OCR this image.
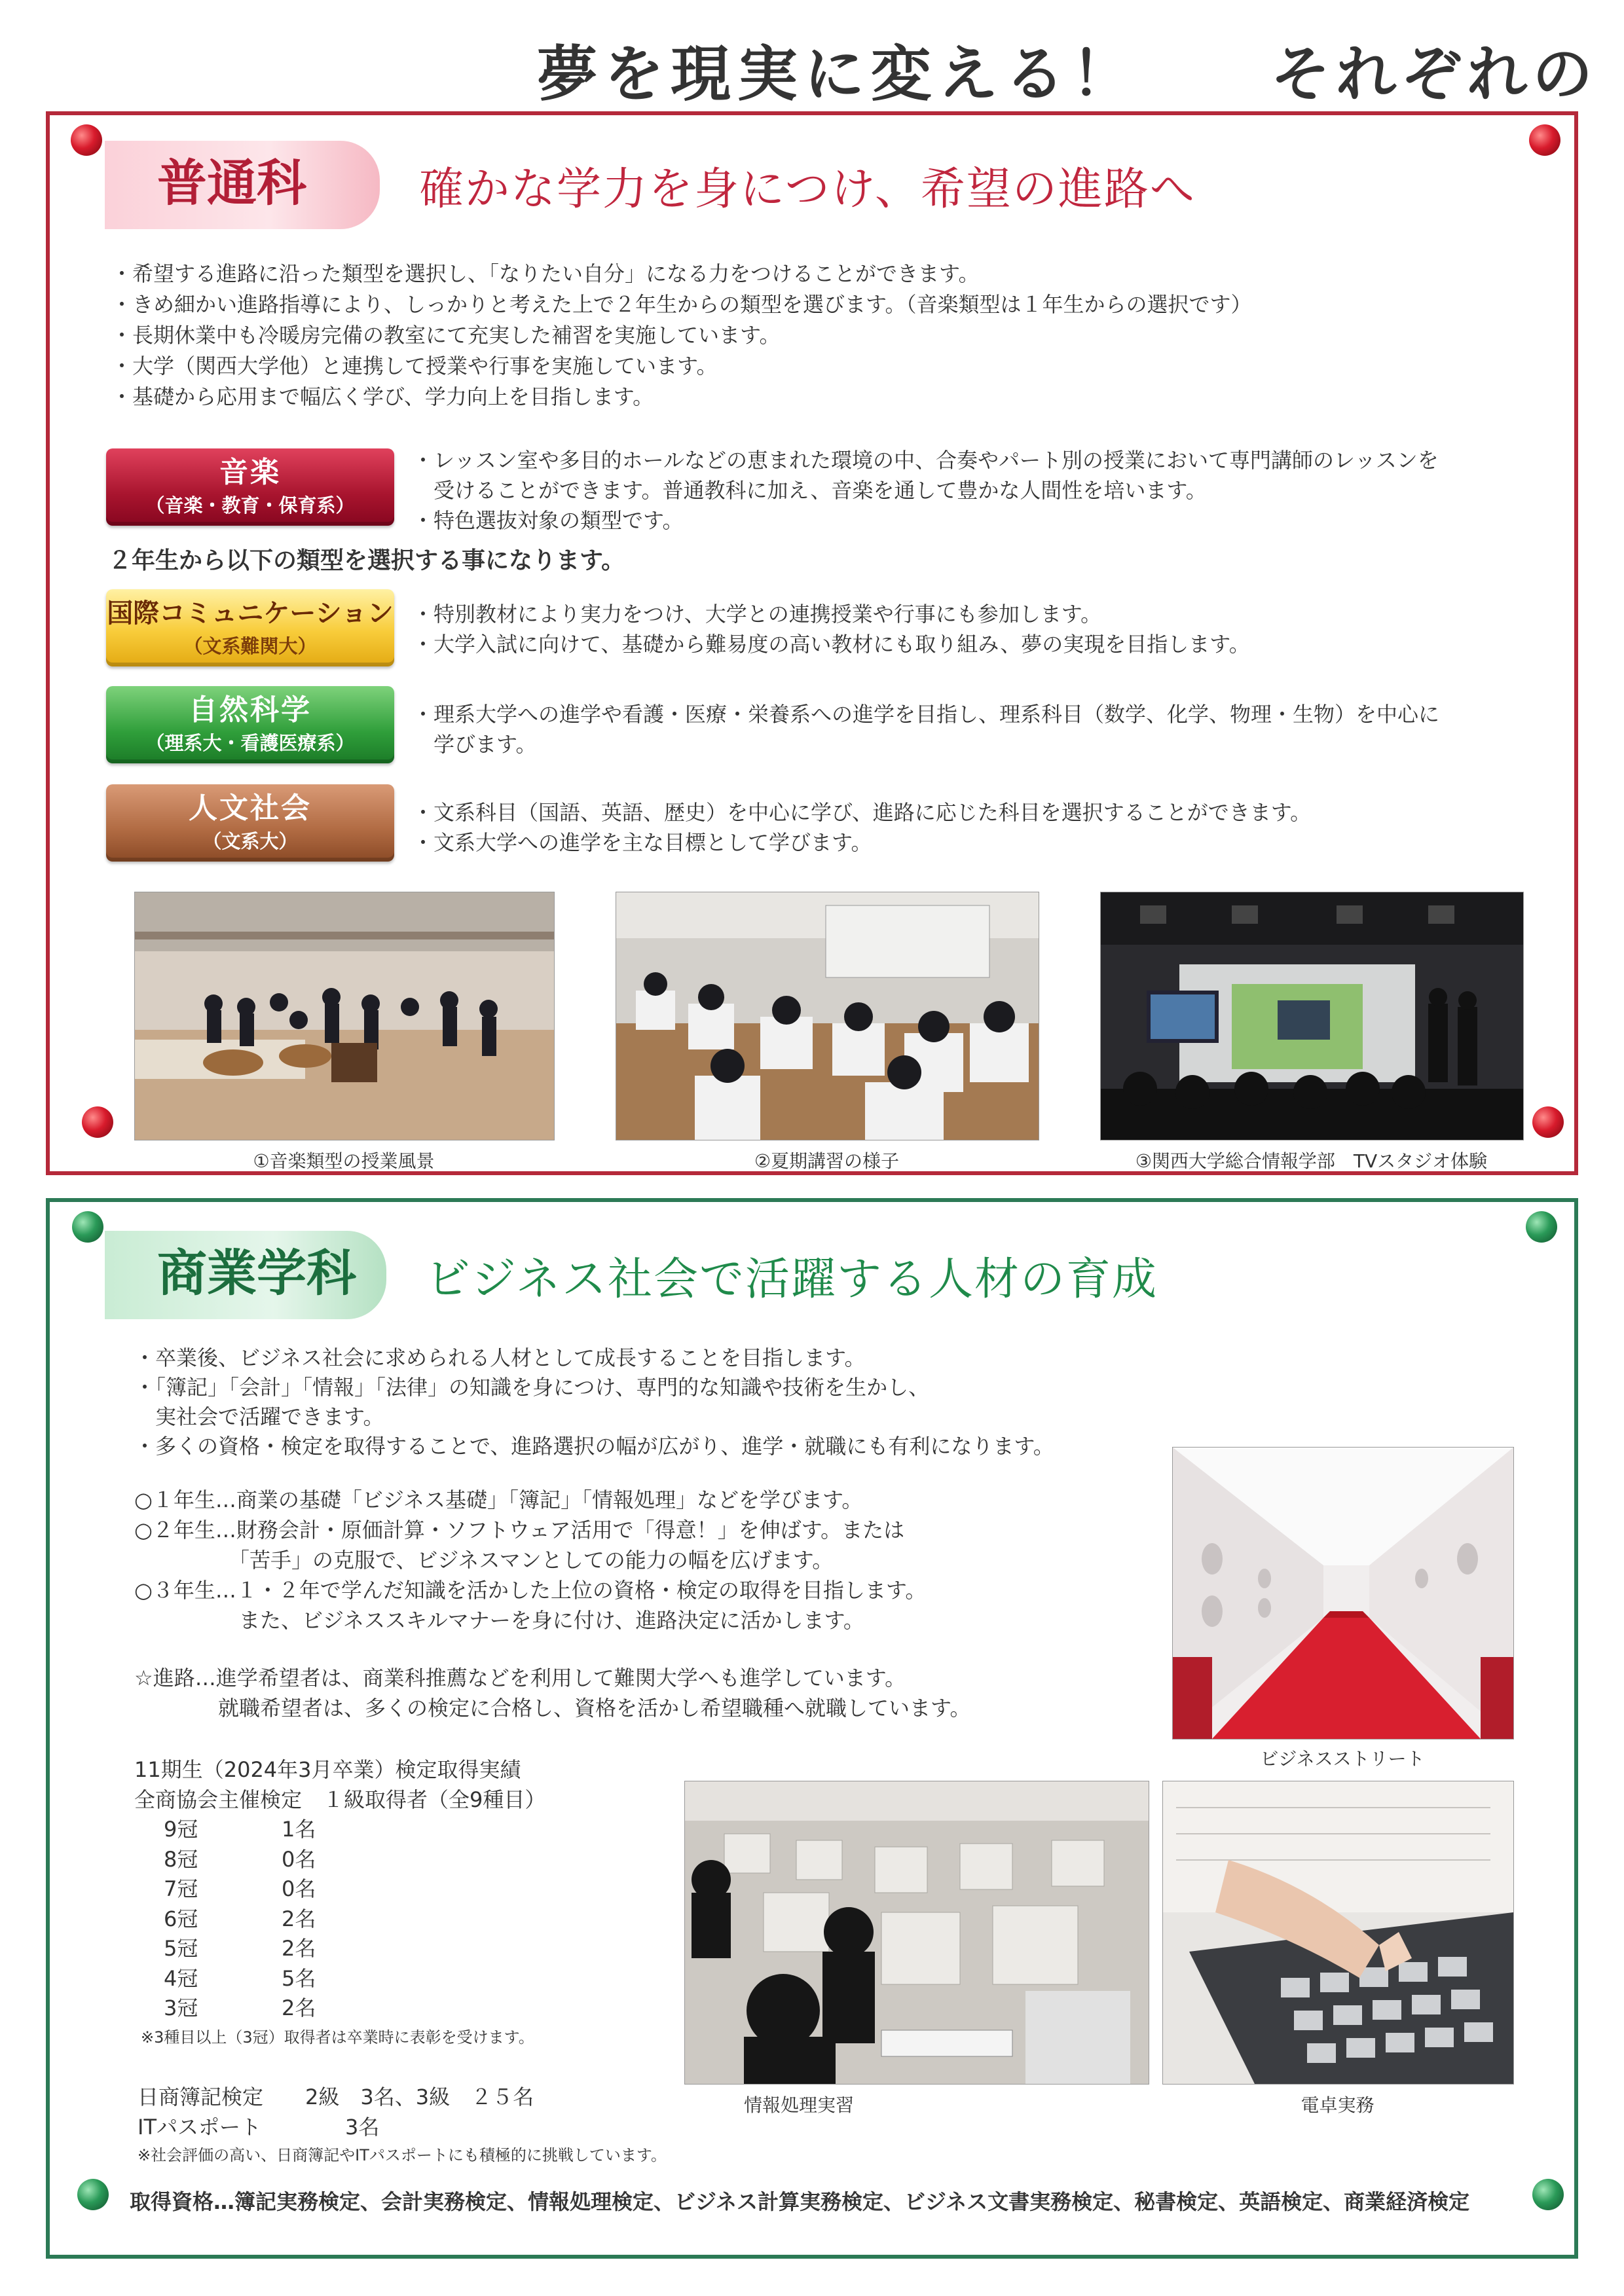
夢を現実に変える！ それぞれの
普通科	確かな学力を身につけ、希望の進路へ
・希望する進路に沿った類型を選択し、「なりたい自分」になる力をつけることができます。
・きめ細かい進路指導により、しっかりと考えた上で２年生からの類型を選びます。（音楽類型は１年生からの選択です）
・長期休業中も冷暖房完備の教室にて充実した補習を実施しています。
・大学（関西大学他）と連携して授業や行事を実施しています。
・基礎から応用まで幅広く学び、学力向上を目指します。
音楽
（音楽・教育・保育系）
・レッスン室や多目的ホールなどの恵まれた環境の中、合奏やパート別の授業において専門講師のレッスンを
　受けることができます。普通教科に加え、音楽を通して豊かな人間性を培います。
・特色選抜対象の類型です。
２年生から以下の類型を選択する事になります。
国際コミュニケーション
（文系難関大）
・特別教材により実力をつけ、大学との連携授業や行事にも参加します。
・大学入試に向けて、基礎から難易度の高い教材にも取り組み、夢の実現を目指します。
自然科学
（理系大・看護医療系）
・理系大学への進学や看護・医療・栄養系への進学を目指し、理系科目（数学、化学、物理・生物）を中心に
　学びます。
人文社会
（文系大）
・文系科目（国語、英語、歴史）を中心に学び、進路に応じた科目を選択することができます。
・文系大学への進学を主な目標として学びます。
①音楽類型の授業風景	②夏期講習の様子	③関西大学総合情報学部　TVスタジオ体験
商業学科	ビジネス社会で活躍する人材の育成
・卒業後、ビジネス社会に求められる人材として成長することを目指します。
・「簿記」「会計」「情報」「法律」の知識を身につけ、専門的な知識や技術を生かし、
　実社会で活躍できます。
・多くの資格・検定を取得することで、進路選択の幅が広がり、進学・就職にも有利になります。
○１年生…商業の基礎「ビジネス基礎」「簿記」「情報処理」などを学びます。
○２年生…財務会計・原価計算・ソフトウェア活用で「得意！」を伸ばす。または
　　　　　「苦手」の克服で、ビジネスマンとしての能力の幅を広げます。
○３年生…１・２年で学んだ知識を活かした上位の資格・検定の取得を目指します。
　　　　　また、ビジネススキルマナーを身に付け、進路決定に活かします。
☆進路…進学希望者は、商業科推薦などを利用して難関大学へも進学しています。
　　　　就職希望者は、多くの検定に合格し、資格を活かし希望職種へ就職しています。
11期生（2024年3月卒業）検定取得実績
全商協会主催検定　１級取得者（全9種目）
9冠	1名
8冠	0名
7冠	0名
6冠	2名
5冠	2名
4冠	5名
3冠	2名
※3種目以上（3冠）取得者は卒業時に表彰を受けます。
日商簿記検定　　2級　3名、3級　２５名
ITパスポート　　　　3名
※社会評価の高い、日商簿記やITパスポートにも積極的に挑戦しています。
ビジネスストリート
情報処理実習	電卓実務
取得資格…簿記実務検定、会計実務検定、情報処理検定、ビジネス計算実務検定、ビジネス文書実務検定、秘書検定、英語検定、商業経済検定
